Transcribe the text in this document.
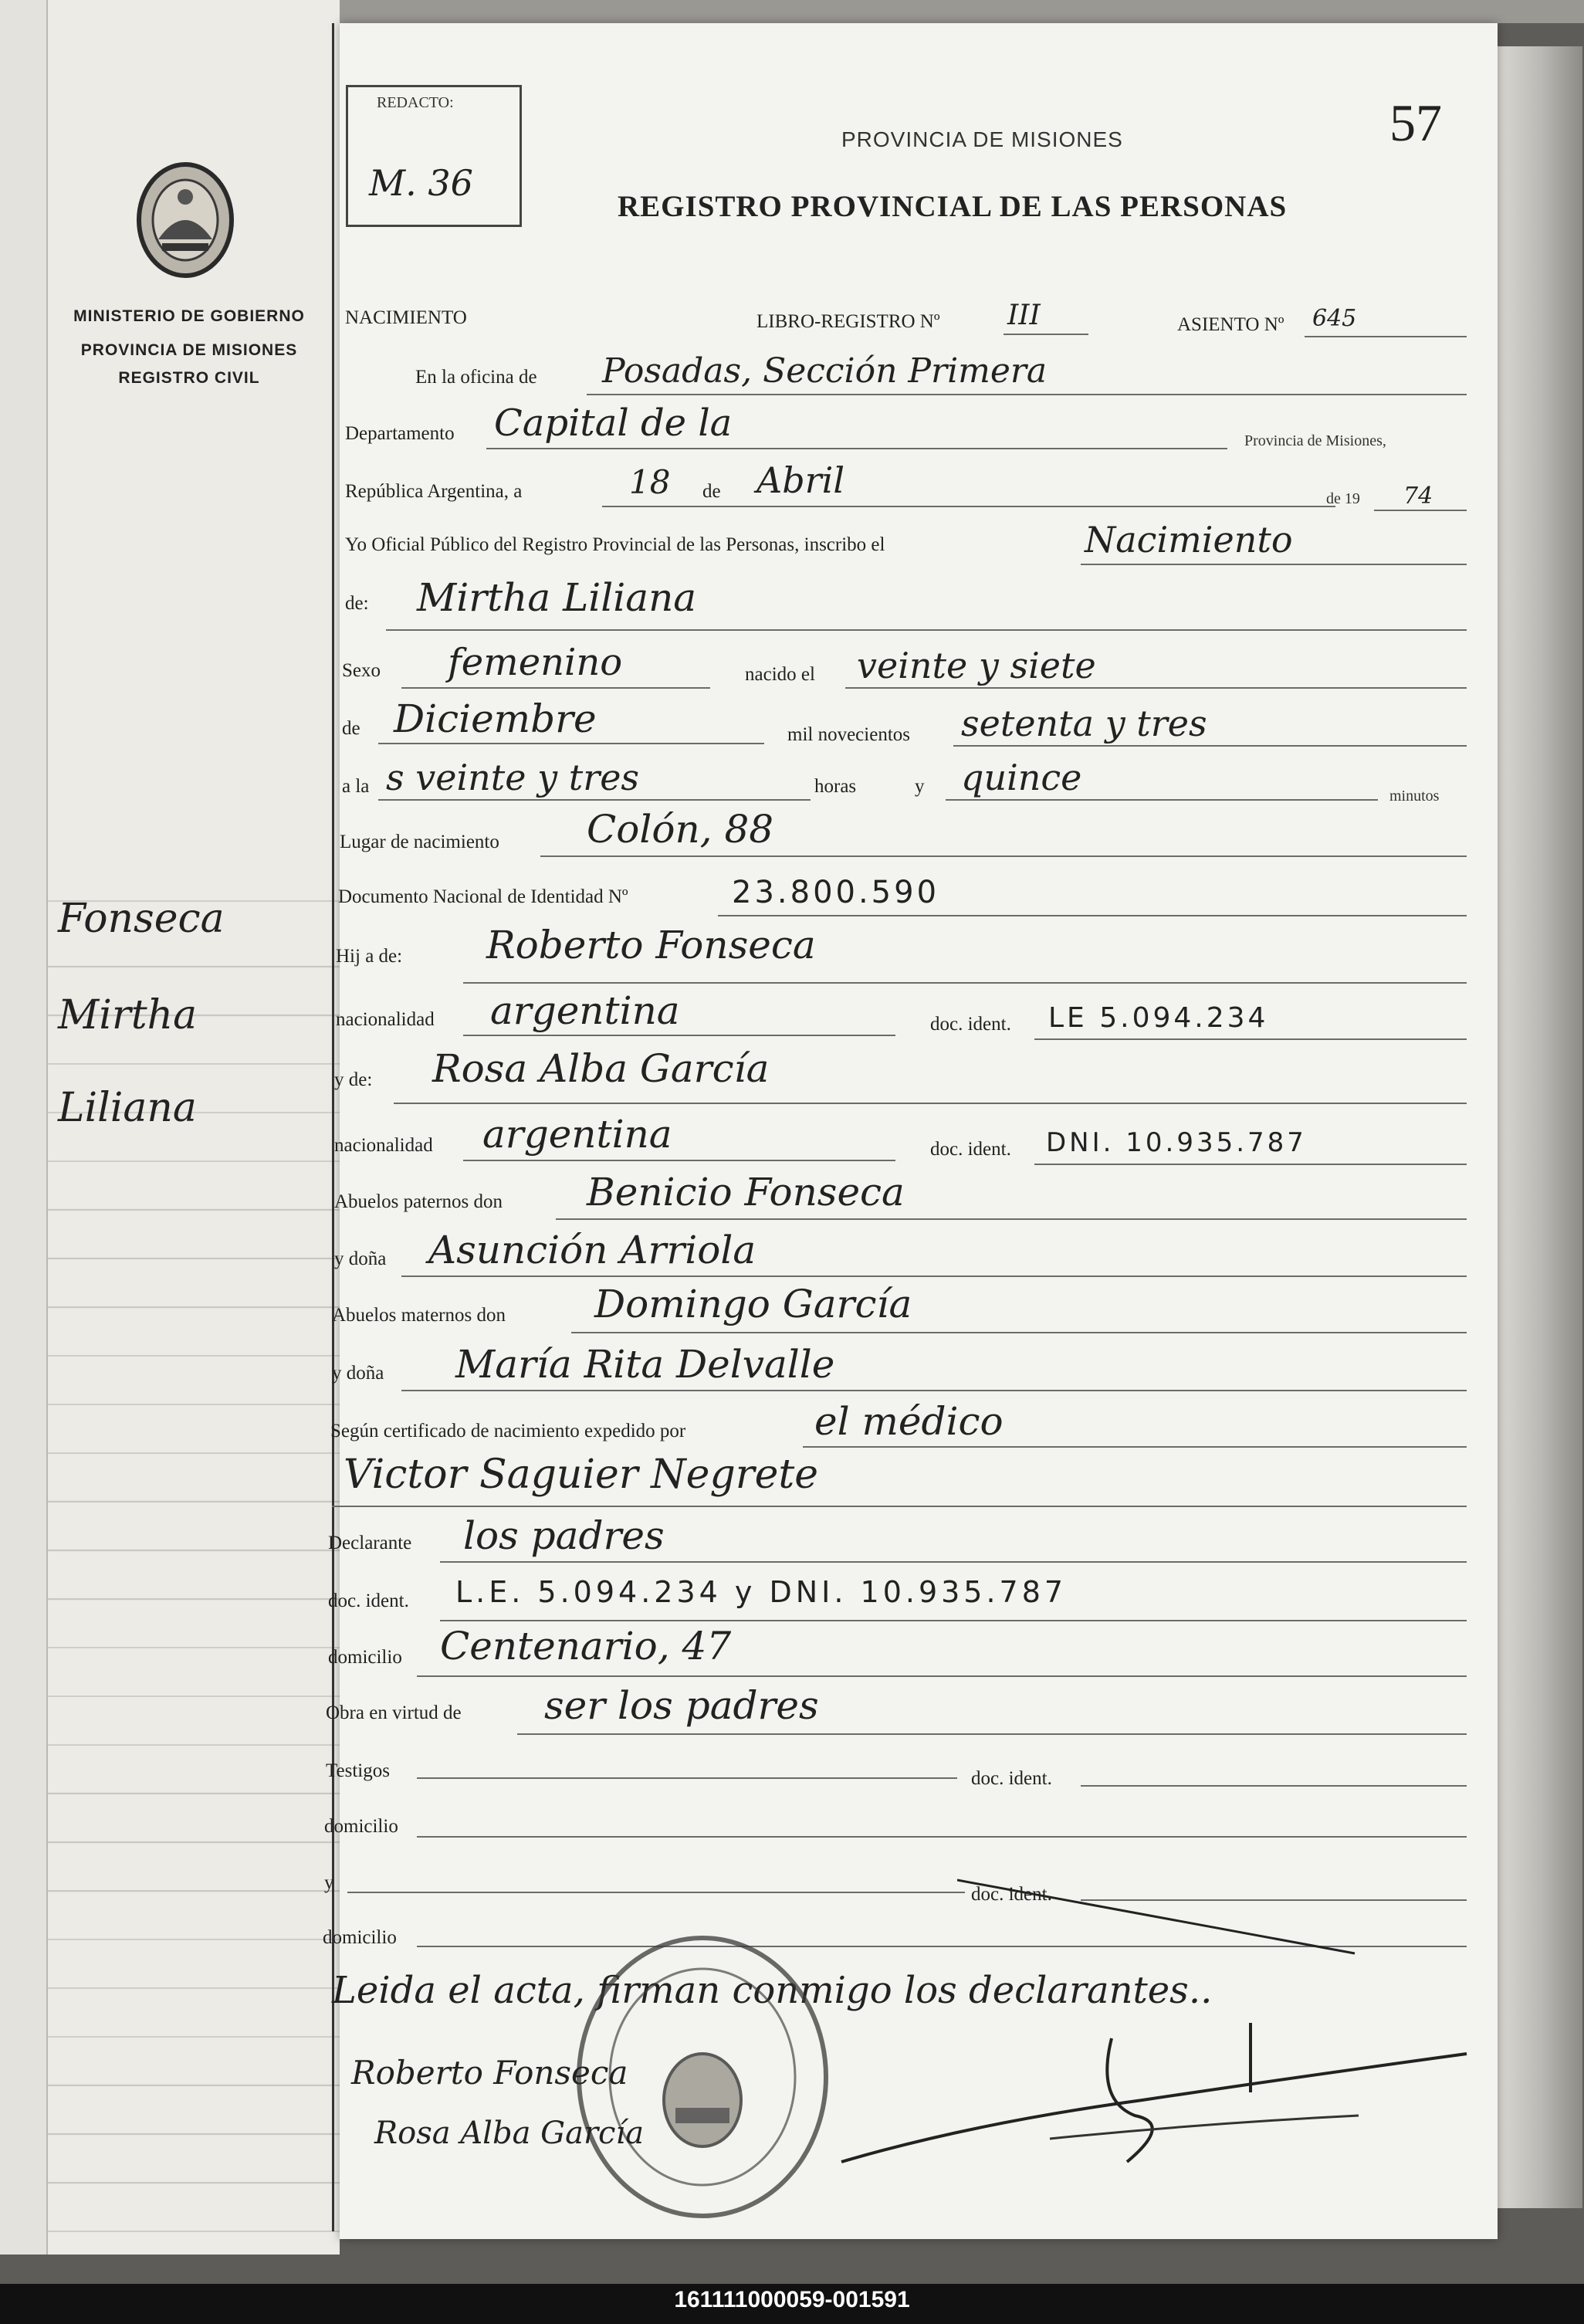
MINISTERIO DE GOBIERNO
PROVINCIA DE MISIONES
REGISTRO CIVIL
Fonseca
Mirtha
Liliana
REDACTO:
M. 36
PROVINCIA DE MISIONES
REGISTRO PROVINCIAL DE LAS PERSONAS
57
NACIMIENTO	LIBRO-REGISTRO Nº III	ASIENTO Nº 645
En la oficina de Posadas, Sección Primera
Departamento Capital de la	Provincia de Misiones,
República Argentina, a	18 de Abril	de 19 74
Yo Oficial Público del Registro Provincial de las Personas, inscribo el	Nacimiento
de: Mirtha Liliana
Sexo femenino	nacido el veinte y siete
de Diciembre	mil novecientos setenta y tres
a la s veinte y tres	horas	y quince	minutos
Lugar de nacimiento Colón, 88
Documento Nacional de Identidad Nº	23.800.590
Hij a de: Roberto Fonseca
nacionalidad argentina	doc. ident. LE 5.094.234
y de: Rosa Alba García
nacionalidad argentina	doc. ident. DNI. 10.935.787
Abuelos paternos don Benicio Fonseca
y doña Asunción Arriola
Abuelos maternos don Domingo García
y doña María Rita Delvalle
Según certificado de nacimiento expedido por	el médico
Victor Saguier Negrete
Declarante los padres
doc. ident. L.E. 5.094.234 y DNI. 10.935.787
domicilio Centenario, 47
Obra en virtud de ser los padres
Testigos	doc. ident.
domicilio
y
doc. ident.
domicilio
Leida el acta, firman conmigo los declarantes..
Roberto Fonseca
Rosa Alba García
161111000059-001591
